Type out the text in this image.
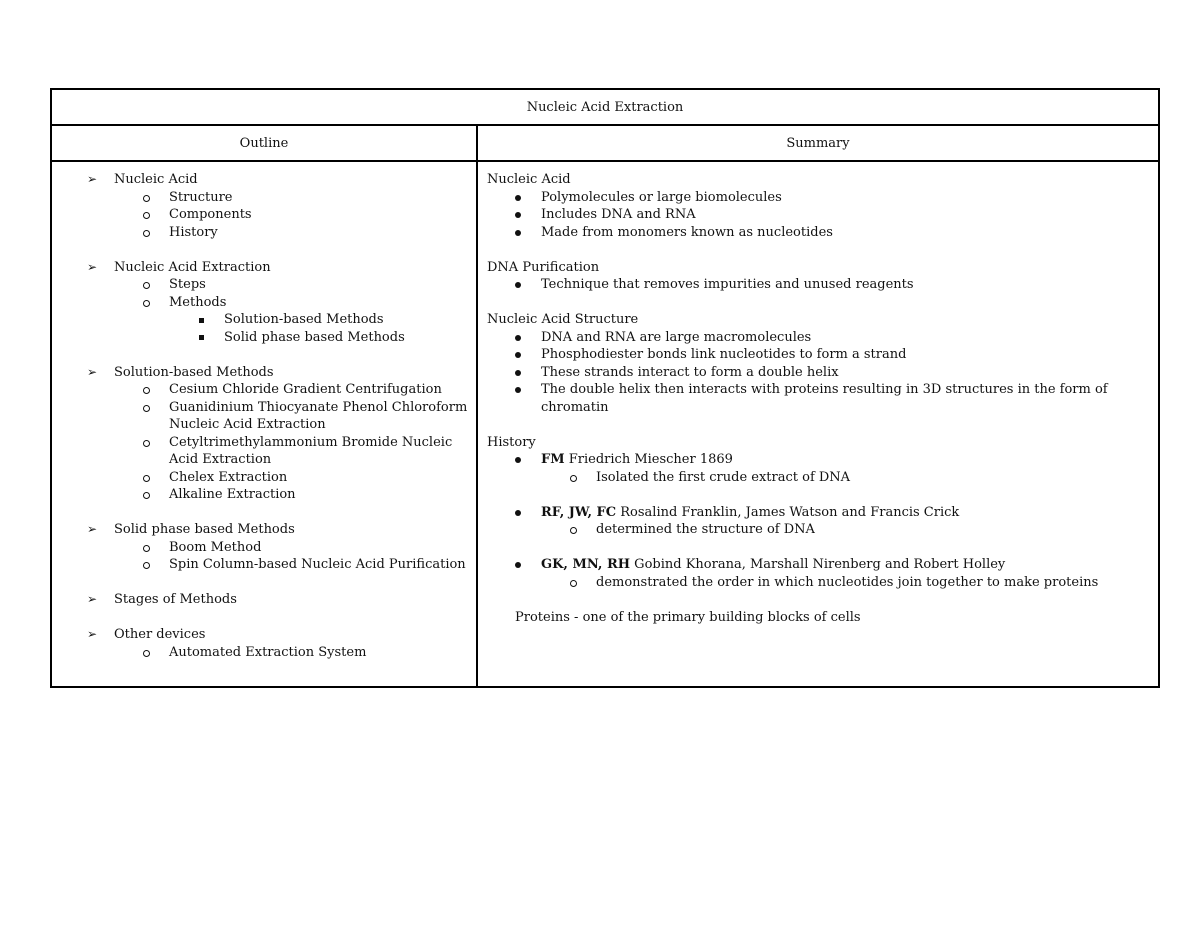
Nucleic Acid Extraction
Outline	Summary
➢ Nucleic Acid
Structure
Components
History
➢ Nucleic Acid Extraction
Steps
Methods
Solution-based Methods
Solid phase based Methods
➢ Solution-based Methods
Cesium Chloride Gradient Centrifugation
Guanidinium Thiocyanate Phenol Chloroform
Nucleic Acid Extraction
Cetyltrimethylammonium Bromide Nucleic
Acid Extraction
Chelex Extraction
Alkaline Extraction
➢ Solid phase based Methods
Boom Method
Spin Column-based Nucleic Acid Purification
➢ Stages of Methods
➢ Other devices
Automated Extraction System
Nucleic Acid
Polymolecules or large biomolecules
Includes DNA and RNA
Made from monomers known as nucleotides
DNA Purification
Technique that removes impurities and unused reagents
Nucleic Acid Structure
DNA and RNA are large macromolecules
Phosphodiester bonds link nucleotides to form a strand
These strands interact to form a double helix
The double helix then interacts with proteins resulting in 3D structures in the form of
chromatin
History
FM Friedrich Miescher 1869
Isolated the first crude extract of DNA
RF, JW, FC Rosalind Franklin, James Watson and Francis Crick
determined the structure of DNA
GK, MN, RH Gobind Khorana, Marshall Nirenberg and Robert Holley
demonstrated the order in which nucleotides join together to make proteins
Proteins - one of the primary building blocks of cells
